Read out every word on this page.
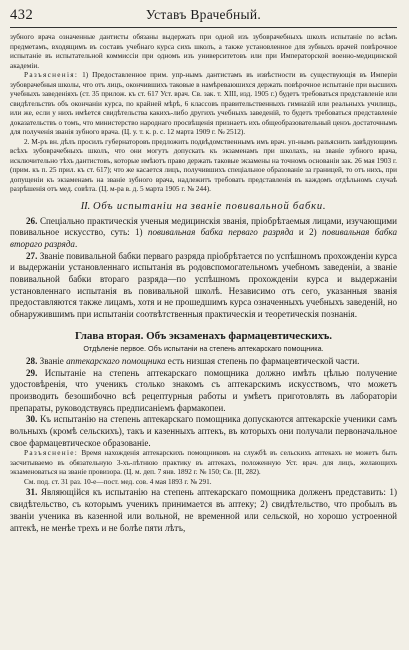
432	Уставъ Врачебный.

зубного врача означенные дантисты обязаны выдержать при одной изъ зубоврачебныхъ школъ испытаніе по всѣмъ предметамъ, входящимъ въ составъ учебнаго курса сихъ школъ, а также установленное для зубныхъ врачей повѣрочное испытаніе въ испытательной коммиссіи при одномъ изъ университетовъ или при Императорской военно-медицинской академіи.

Разъясненія: 1) Предоставленное прим. упр-нымъ дантистамъ въ извѣстности въ существующія въ Имперіи зубоврачебныя школы, что отъ лицъ, окончившихъ таковые в намѣреваюшихся держать повѣрочное испытаніе при высшихъ учебныхъ заведеніяхъ (ст. 35 прилож. къ ст. 617 Уст. врач. Св. зак. т. XIII, изд. 1905 г.) будетъ требоваться представленіе или свидѣтельствъ объ окончаніи курса, по крайней мѣрѣ, 6 классовъ правительственныхъ гимназій или реальныхъ училищъ, или же, если у нихъ имѣется свидѣтельства какихъ-либо другихъ учебныхъ заведеній, то будетъ требоваться представленіе доказательствъ о томъ, что министерство народнаго просвѣщенія признаетъ ихъ общеобразовательный ценэъ достаточнымъ для полученія званія зубного врача. (Ц. у. т. к. р. с. 12 марта 1909 г. № 2512).

2. М-ръ вн. дѣлъ просилъ губернаторовъ предложить подвѣдомственнымъ имъ врач. уп-нымъ разъяснить завѣдующимъ всѣхъ зубоврачебныхъ школъ, что они могутъ допускать къ экзаменамъ при школахъ, на званіе зубного врача, исключительно тѣхъ дантистовъ, которые имѣютъ право держать таковые экзамены на точномъ основаніи зак. 26 мая 1903 г. (прим. къ п. 25 прил. къ ст. 617); что же касается лицъ, получившихъ спеціальное образованіе за границей, то отъ нихъ, при допущеніи къ экзаменамъ на званіе зубного врача, надлежитъ требовать представленія въ каждомъ отдѣльномъ случаѣ разрѣшенія отъ мед. совѣта. (Ц. м-ра в. д. 5 марта 1905 г. № 244).

II. Объ испытаніи на званіе повивальной бабки.

26. Спеціально практическія ученыя медицинскія званія, пріобрѣтаемыя лицами, изучающими повивальное искусство, суть: 1) повивальная бабка перваго разряда и 2) повивальная бабка втораго разряда.

27. Званіе повивальной бабки перваго разряда пріобрѣтается по успѣшномъ прохожденіи курса и выдержаніи установленнаго испытанія въ родовспомогательномъ учебномъ заведеніи, а званіе повивальной бабки втораго разряда—по успѣшномъ прохожденіи курса и выдержаніи установленнаго испытанія въ повивальной школѣ. Независимо отъ сего, указанныя званія предоставляются также лицамъ, хотя и не прошедшимъ курса означенныхъ учебныхъ заведеній, но обнаружившимъ при испытаніи соотвѣтственныя практическія и теоретическія познанія.

Глава вторая. Объ экзаменахъ фармацевтическихъ.
Отдѣленіе первое. Объ испытаніи на степень аптекарскаго помощника.

28. Званіе аптекарскаго помощника есть низшая степень по фармацевтической части.

29. Испытаніе на степень аптекарскаго помощника должно имѣть цѣлью получение удостовѣренія, что ученикъ столько знакомъ съ аптекарскимъ искусствомъ, что можетъ производить безошибочно всѣ рецептурныя работы и умѣетъ приготовлять въ лабораторіи препараты, руководствуясь предписаніемъ фармакопеи.

30. Къ испытанію на степень аптекарскаго помощника допускаются аптекарскіе ученики самъ вольныхъ (кромѣ сельскихъ), такъ и казенныхъ аптекъ, въ которыхъ они получали первоначальное свое фармацевтическое образованіе.

Разъясненіе: Время нахожденія аптекарскихъ помощниковъ на службѣ въ сельскихъ аптекахъ не можетъ быть засчитываемо въ обязательную 3-хъ-лѣтнюю практику въ аптекахъ, положенную Уст. врач. для лицъ, желающихъ экзаменоваться на званіе провизора. (Ц. м. деп. 7 янв. 1892 г. № 150; Св. [II, 282).

См. под. ст. 31 раз. 10-е—пост. мед. сов. 4 мая 1893 г. № 291.

31. Являющійся къ испытанію на степень аптекарскаго помощника долженъ представить: 1) свидѣтельство, съ которымъ ученикъ принимается въ аптеку; 2) свидѣтельство, что пробылъ въ званіи ученика въ казенной или вольной, не временной или сельской, но хорошо устроенной аптекѣ, не менѣе трехъ и не болѣе пяти лѣтъ,
